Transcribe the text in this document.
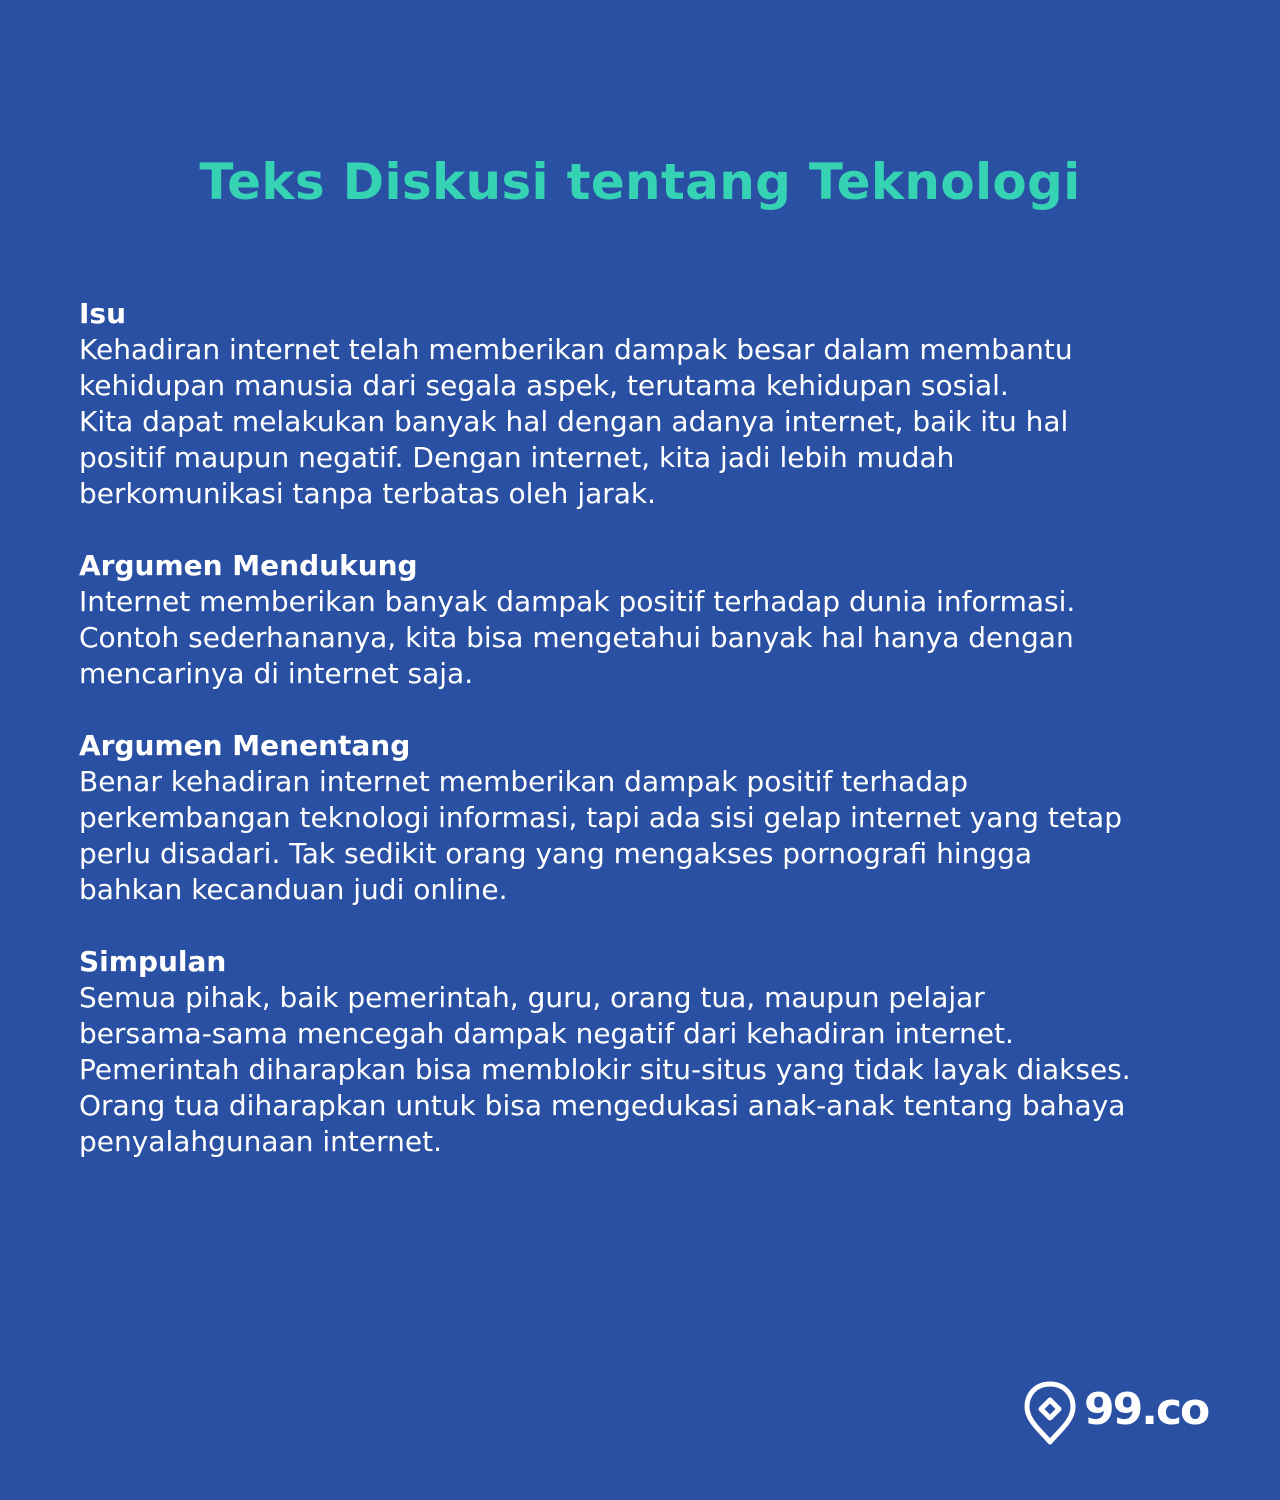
Teks Diskusi tentang Teknologi
Isu

Kehadiran internet telah memberikan dampak besar dalam membantu
kehidupan manusia dari segala aspek, terutama kehidupan sosial.
Kita dapat melakukan banyak hal dengan adanya internet, baik itu hal
positif maupun negatif. Dengan internet, kita jadi lebih mudah
berkomunikasi tanpa terbatas oleh jarak.

Argumen Mendukung

Internet memberikan banyak dampak positif terhadap dunia informasi.
Contoh sederhananya, kita bisa mengetahui banyak hal hanya dengan
mencarinya di internet saja.

Argumen Menentang

Benar kehadiran internet memberikan dampak positif terhadap
perkembangan teknologi informasi, tapi ada sisi gelap internet yang tetap
perlu disadari. Tak sedikit orang yang mengakses pornografi hingga
bahkan kecanduan judi online.

Simpulan

Semua pihak, baik pemerintah, guru, orang tua, maupun pelajar
bersama-sama mencegah dampak negatif dari kehadiran internet.
Pemerintah diharapkan bisa memblokir situ-situs yang tidak layak diakses.
Orang tua diharapkan untuk bisa mengedukasi anak-anak tentang bahaya
penyalahgunaan internet.

99.co
